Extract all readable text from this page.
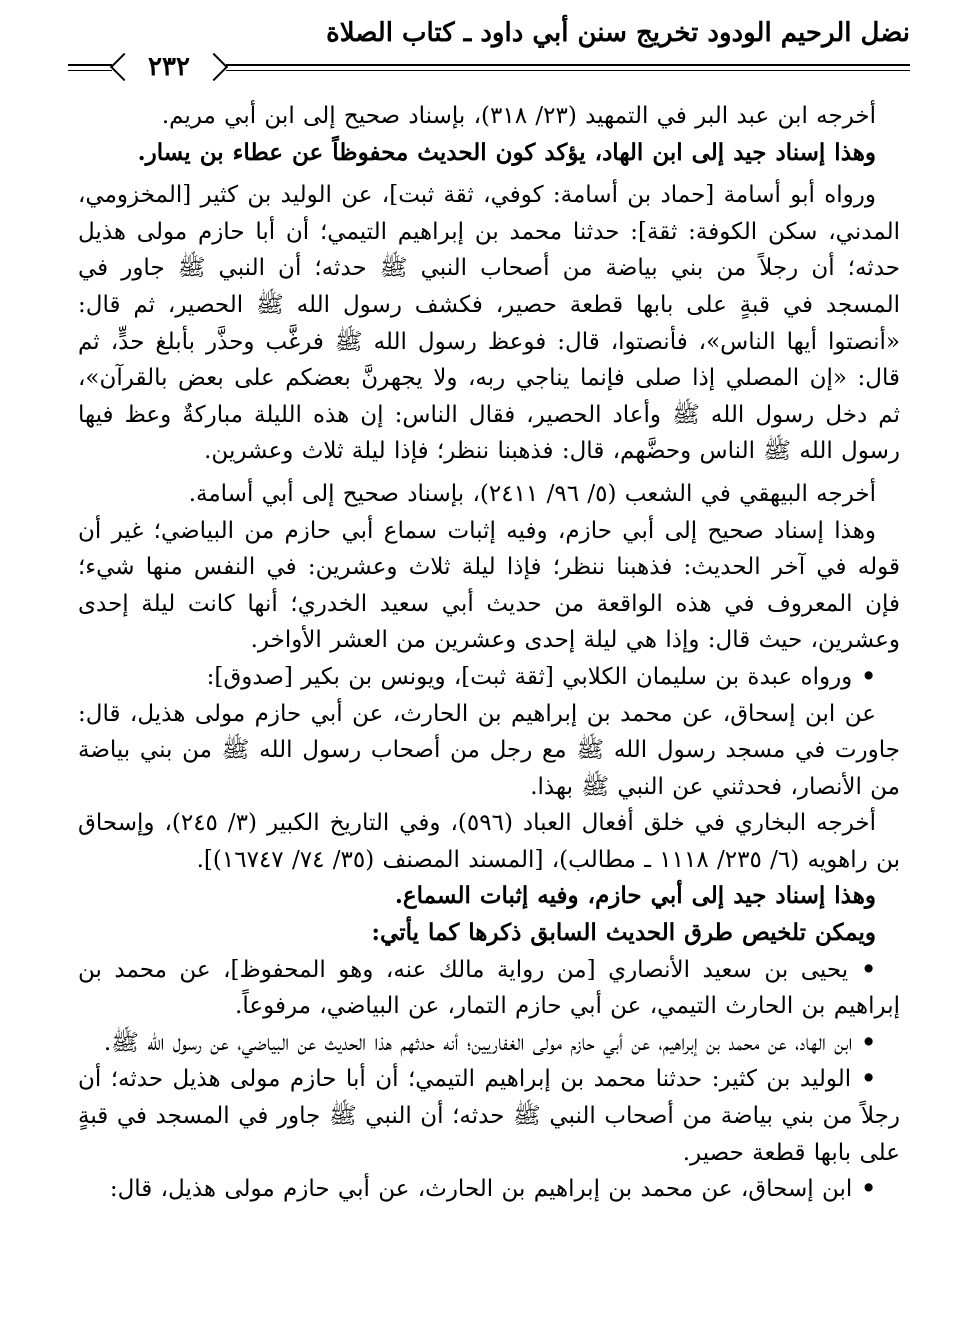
نضل الرحيم الودود تخريج سنن أبي داود ـ كتاب الصلاة
٢٣٢

أخرجه ابن عبد البر في التمهيد (٢٣/ ٣١٨)، بإسناد صحيح إلى ابن أبي مريم.

وهذا إسناد جيد إلى ابن الهاد، يؤكد كون الحديث محفوظاً عن عطاء بن يسار.

ورواه أبو أسامة [حماد بن أسامة: كوفي، ثقة ثبت]، عن الوليد بن كثير [المخزومي، المدني، سكن الكوفة: ثقة]: حدثنا محمد بن إبراهيم التيمي؛ أن أبا حازم مولى هذيل حدثه؛ أن رجلاً من بني بياضة من أصحاب النبي ﷺ حدثه؛ أن النبي ﷺ جاور في المسجد في قبةٍ على بابها قطعة حصير، فكشف رسول الله ﷺ الحصير، ثم قال: «أنصتوا أيها الناس»، فأنصتوا، قال: فوعظ رسول الله ﷺ فرغَّب وحذَّر بأبلغ حدٍّ، ثم قال: «إن المصلي إذا صلى فإنما يناجي ربه، ولا يجهرنَّ بعضكم على بعض بالقرآن»، ثم دخل رسول الله ﷺ وأعاد الحصير، فقال الناس: إن هذه الليلة مباركةٌ وعظ فيها رسول الله ﷺ الناس وحضَّهم، قال: فذهبنا ننظر؛ فإذا ليلة ثلاث وعشرين.

أخرجه البيهقي في الشعب (٥/ ٩٦/ ٢٤١١)، بإسناد صحيح إلى أبي أسامة.

وهذا إسناد صحيح إلى أبي حازم، وفيه إثبات سماع أبي حازم من البياضي؛ غير أن قوله في آخر الحديث: فذهبنا ننظر؛ فإذا ليلة ثلاث وعشرين: في النفس منها شيء؛ فإن المعروف في هذه الواقعة من حديث أبي سعيد الخدري؛ أنها كانت ليلة إحدى وعشرين، حيث قال: وإذا هي ليلة إحدى وعشرين من العشر الأواخر.

• ورواه عبدة بن سليمان الكلابي [ثقة ثبت]، ويونس بن بكير [صدوق]:

عن ابن إسحاق، عن محمد بن إبراهيم بن الحارث، عن أبي حازم مولى هذيل، قال: جاورت في مسجد رسول الله ﷺ مع رجل من أصحاب رسول الله ﷺ من بني بياضة من الأنصار، فحدثني عن النبي ﷺ بهذا.

أخرجه البخاري في خلق أفعال العباد (٥٩٦)، وفي التاريخ الكبير (٣/ ٢٤٥)، وإسحاق بن راهويه (٦/ ٢٣٥/ ١١١٨ ـ مطالب)، [المسند المصنف (٣٥/ ٧٤/ ١٦٧٤٧)].

وهذا إسناد جيد إلى أبي حازم، وفيه إثبات السماع.

ويمكن تلخيص طرق الحديث السابق ذكرها كما يأتي:

• يحيى بن سعيد الأنصاري [من رواية مالك عنه، وهو المحفوظ]، عن محمد بن إبراهيم بن الحارث التيمي، عن أبي حازم التمار، عن البياضي، مرفوعاً.

• ابن الهاد، عن محمد بن إبراهيم، عن أبي حازم مولى الغفاريين؛ أنه حدثهم هذا الحديث عن البياضي، عن رسول الله ﷺ.

• الوليد بن كثير: حدثنا محمد بن إبراهيم التيمي؛ أن أبا حازم مولى هذيل حدثه؛ أن رجلاً من بني بياضة من أصحاب النبي ﷺ حدثه؛ أن النبي ﷺ جاور في المسجد في قبةٍ على بابها قطعة حصير.

• ابن إسحاق، عن محمد بن إبراهيم بن الحارث، عن أبي حازم مولى هذيل، قال:
